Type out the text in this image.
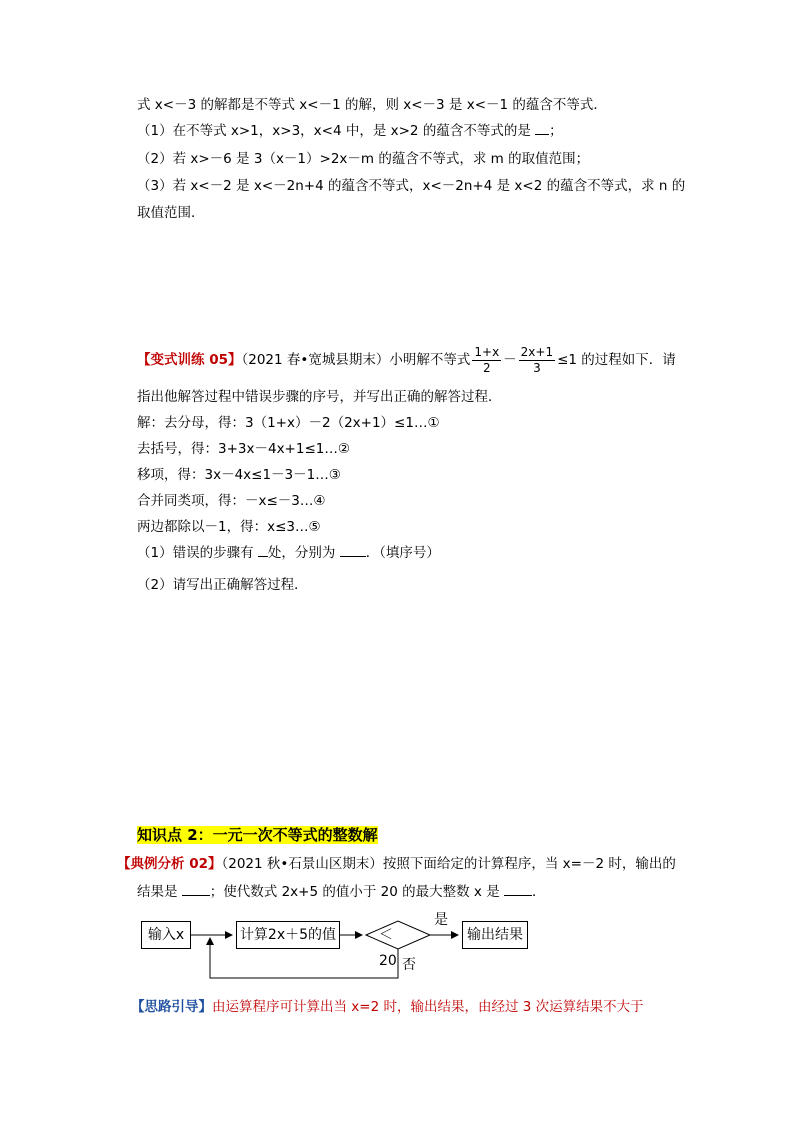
式 x<－3 的解都是不等式 x<－1 的解，则 x<－3 是 x<－1 的蕴含不等式．
（1）在不等式 x>1，x>3，x<4 中，是 x>2 的蕴含不等式的是 ；
（2）若 x>－6 是 3（x－1）>2x－m 的蕴含不等式，求 m 的取值范围；
（3）若 x<－2 是 x<－2n+4 的蕴含不等式，x<－2n+4 是 x<2 的蕴含不等式，求 n 的
取值范围．
【变式训练 05】（2021 春•宽城县期末）小明解不等式 $\frac{1+x}{2} - \frac{2x+1}{3} \le 1$ 的过程如下．请
指出他解答过程中错误步骤的序号，并写出正确的解答过程．
解：去分母，得：3（1+x）－2（2x+1）≤1…①
去括号，得：3+3x－4x+1≤1…②
移项，得：3x－4x≤1－3－1…③
合并同类项，得：－x≤－3…④
两边都除以－1，得：x≤3…⑤
（1）错误的步骤有 处，分别为 ．（填序号）
（2）请写出正确解答过程．
知识点 2：一元一次不等式的整数解
【典例分析 02】（2021 秋•石景山区期末）按照下面给定的计算程序，当 x=－2 时，输出的
结果是 ；使代数式 2x+5 的值小于 20 的最大整数 x 是 ．
输入x	计算2x＋5的值	＜20
是
否
输出结果
【思路引导】由运算程序可计算出当 x=2 时，输出结果，由经过 3 次运算结果不大于
